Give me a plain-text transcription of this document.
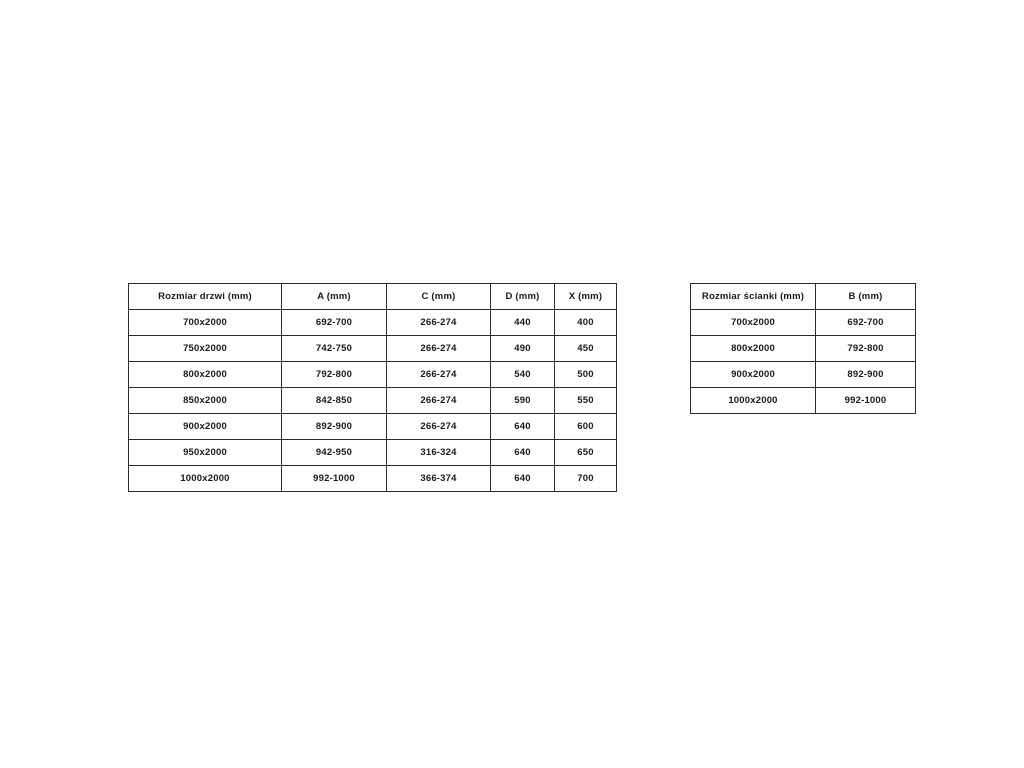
Rozmiar drzwi (mm)	A (mm)	C (mm)	D (mm)	X (mm)
700x2000	692-700	266-274	440	400
750x2000	742-750	266-274	490	450
800x2000	792-800	266-274	540	500
850x2000	842-850	266-274	590	550
900x2000	892-900	266-274	640	600
950x2000	942-950	316-324	640	650
1000x2000	992-1000	366-374	640	700
Rozmiar ścianki (mm)	B (mm)
700x2000	692-700
800x2000	792-800
900x2000	892-900
1000x2000	992-1000
